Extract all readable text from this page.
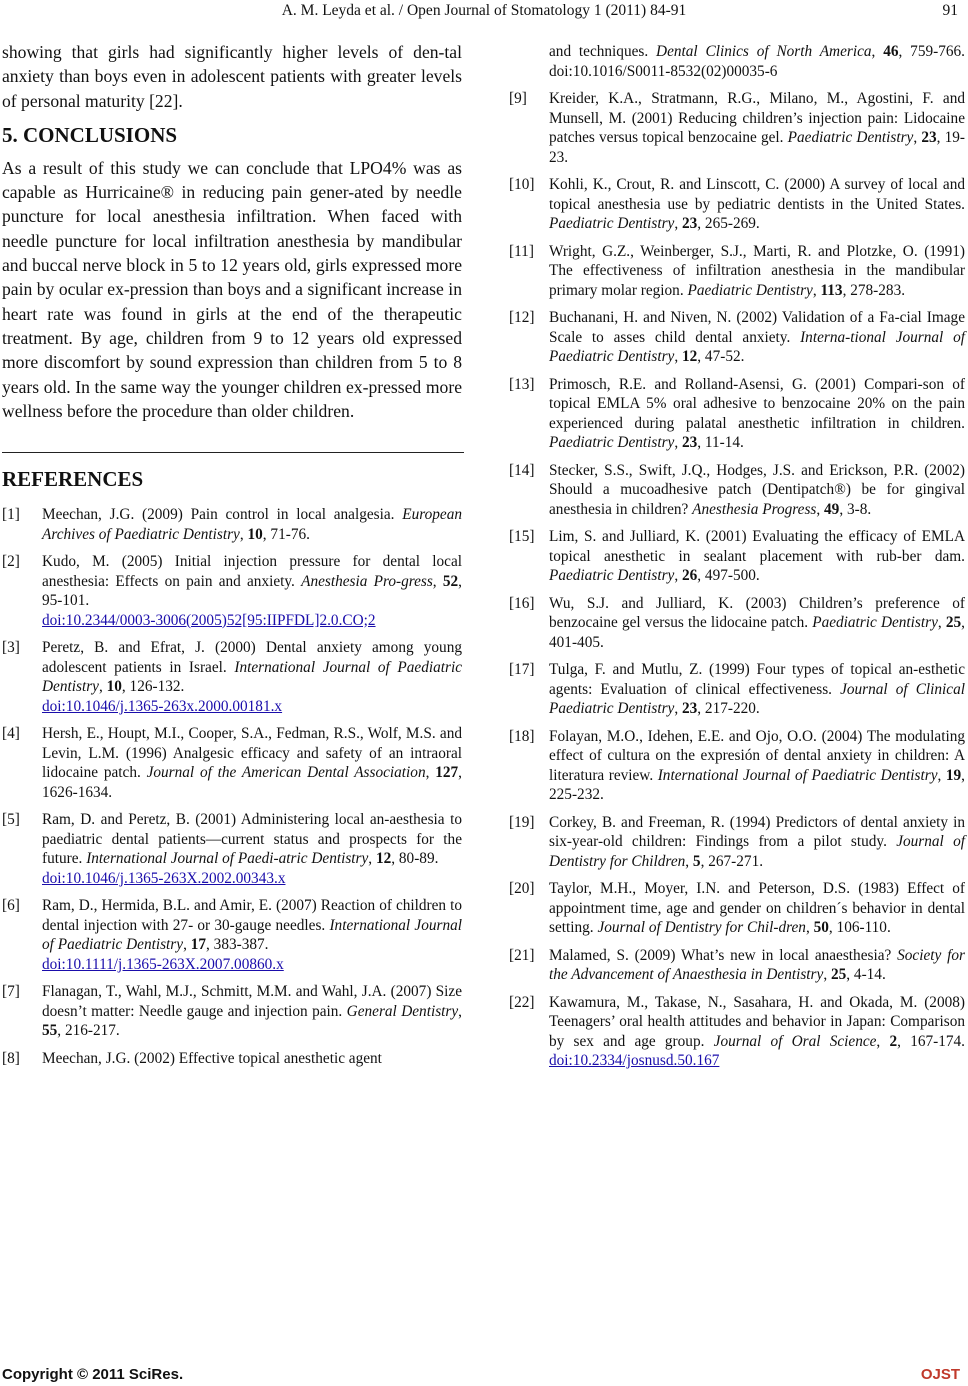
A. M. Leyda et al. / Open Journal of Stomatology 1 (2011) 84-91	91

showing that girls had significantly higher levels of den-tal anxiety than boys even in adolescent patients with greater levels of personal maturity [22].

5. CONCLUSIONS

As a result of this study we can conclude that LPO4% was as capable as Hurricaine® in reducing pain gener-ated by needle puncture for local anesthesia infiltration. When faced with needle puncture for local infiltration anesthesia by mandibular and buccal nerve block in 5 to 12 years old, girls expressed more pain by ocular ex-pression than boys and a significant increase in heart rate was found in girls at the end of the therapeutic treatment. By age, children from 9 to 12 years old expressed more discomfort by sound expression than children from 5 to 8 years old. In the same way the younger children ex-pressed more wellness before the procedure than older children.

REFERENCES
[1]	Meechan, J.G. (2009) Pain control in local analgesia. European Archives of Paediatric Dentistry, 10, 71-76.
[2]	Kudo, M. (2005) Initial injection pressure for dental local anesthesia: Effects on pain and anxiety. Anesthesia Pro-gress, 52, 95-101.
doi:10.2344/0003-3006(2005)52[95:IIPFDL]2.0.CO;2
[3]	Peretz, B. and Efrat, J. (2000) Dental anxiety among young adolescent patients in Israel. International Journal of Paediatric Dentistry, 10, 126-132.
doi:10.1046/j.1365-263x.2000.00181.x
[4]	Hersh, E., Houpt, M.I., Cooper, S.A., Fedman, R.S., Wolf, M.S. and Levin, L.M. (1996) Analgesic efficacy and safety of an intraoral lidocaine patch. Journal of the American Dental Association, 127, 1626-1634.
[5]	Ram, D. and Peretz, B. (2001) Administering local an-aesthesia to paediatric dental patients—current status and prospects for the future. International Journal of Paedi-atric Dentistry, 12, 80-89.
doi:10.1046/j.1365-263X.2002.00343.x
[6]	Ram, D., Hermida, B.L. and Amir, E. (2007) Reaction of children to dental injection with 27- or 30-gauge needles. International Journal of Paediatric Dentistry, 17, 383-387.
doi:10.1111/j.1365-263X.2007.00860.x
[7]	Flanagan, T., Wahl, M.J., Schmitt, M.M. and Wahl, J.A. (2007) Size doesn’t matter: Needle gauge and injection pain. General Dentistry, 55, 216-217.
[8]	Meechan, J.G. (2002) Effective topical anesthetic agent
and techniques. Dental Clinics of North America, 46, 759-766. doi:10.1016/S0011-8532(02)00035-6
[9]	Kreider, K.A., Stratmann, R.G., Milano, M., Agostini, F. and Munsell, M. (2001) Reducing children’s injection pain: Lidocaine patches versus topical benzocaine gel. Paediatric Dentistry, 23, 19-23.
[10] Kohli, K., Crout, R. and Linscott, C. (2000) A survey of local and topical anesthesia use by pediatric dentists in the United States. Paediatric Dentistry, 23, 265-269.
[11] Wright, G.Z., Weinberger, S.J., Marti, R. and Plotzke, O. (1991) The effectiveness of infiltration anesthesia in the mandibular primary molar region. Paediatric Dentistry, 113, 278-283.
[12] Buchanani, H. and Niven, N. (2002) Validation of a Fa-cial Image Scale to asses child dental anxiety. Interna-tional Journal of Paediatric Dentistry, 12, 47-52.
[13] Primosch, R.E. and Rolland-Asensi, G. (2001) Compari-son of topical EMLA 5% oral adhesive to benzocaine 20% on the pain experienced during palatal anesthetic infiltration in children. Paediatric Dentistry, 23, 11-14.
[14] Stecker, S.S., Swift, J.Q., Hodges, J.S. and Erickson, P.R. (2002) Should a mucoadhesive patch (Dentipatch®) be for gingival anesthesia in children? Anesthesia Progress, 49, 3-8.
[15] Lim, S. and Julliard, K. (2001) Evaluating the efficacy of EMLA topical anesthetic in sealant placement with rub-ber dam. Paediatric Dentistry, 26, 497-500.
[16] Wu, S.J. and Julliard, K. (2003) Children’s preference of benzocaine gel versus the lidocaine patch. Paediatric Dentistry, 25, 401-405.
[17] Tulga, F. and Mutlu, Z. (1999) Four types of topical an-esthetic agents: Evaluation of clinical effectiveness. Journal of Clinical Paediatric Dentistry, 23, 217-220.
[18] Folayan, M.O., Idehen, E.E. and Ojo, O.O. (2004) The modulating effect of cultura on the expresión of dental anxiety in children: A literatura review. International Journal of Paediatric Dentistry, 19, 225-232.
[19] Corkey, B. and Freeman, R. (1994) Predictors of dental anxiety in six-year-old children: Findings from a pilot study. Journal of Dentistry for Children, 5, 267-271.
[20] Taylor, M.H., Moyer, I.N. and Peterson, D.S. (1983) Effect of appointment time, age and gender on children´s behavior in dental setting. Journal of Dentistry for Chil-dren, 50, 106-110.
[21] Malamed, S. (2009) What’s new in local anaesthesia? Society for the Advancement of Anaesthesia in Dentistry, 25, 4-14.
[22] Kawamura, M., Takase, N., Sasahara, H. and Okada, M. (2008) Teenagers’ oral health attitudes and behavior in Japan: Comparison by sex and age group. Journal of Oral Science, 2, 167-174. doi:10.2334/josnusd.50.167
Copyright © 2011 SciRes.	OJST
